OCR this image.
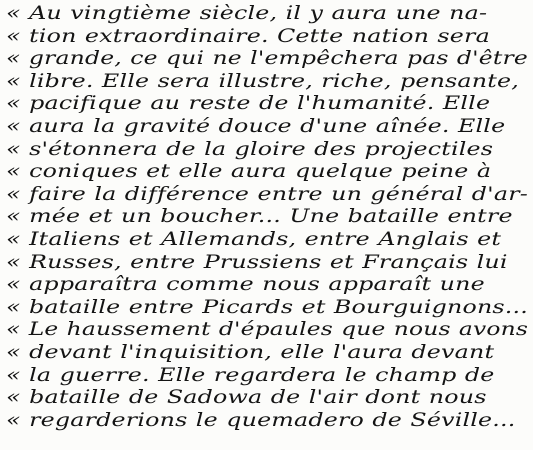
« Au vingtième siècle, il y aura une na-
« tion extraordinaire. Cette nation sera
« grande, ce qui ne l'empêchera pas d'être
« libre. Elle sera illustre, riche, pensante,
« pacifique au reste de l'humanité. Elle
« aura la gravité douce d'une aînée. Elle
« s'étonnera de la gloire des projectiles
« coniques et elle aura quelque peine à
« faire la différence entre un général d'ar-
« mée et un boucher... Une bataille entre
« Italiens et Allemands, entre Anglais et
« Russes, entre Prussiens et Français lui
« apparaîtra comme nous apparaît une
« bataille entre Picards et Bourguignons...
« Le haussement d'épaules que nous avons
« devant l'inquisition, elle l'aura devant
« la guerre. Elle regardera le champ de
« bataille de Sadowa de l'air dont nous
« regarderions le quemadero de Séville...
